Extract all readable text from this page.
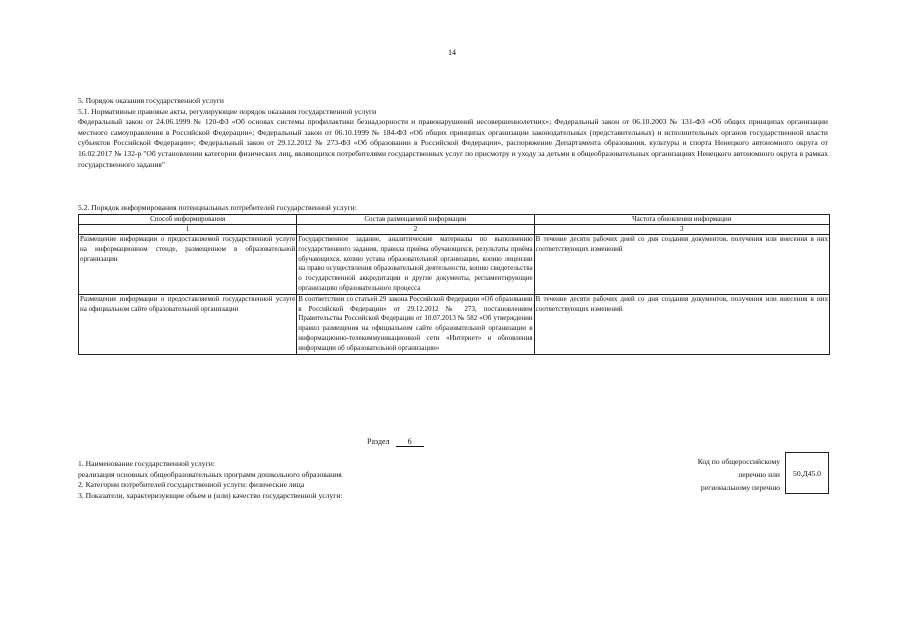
14

5. Порядок оказания государственной услуги

5.1. Нормативные правовые акты, регулирующие порядок оказания государственной услуги

Федеральный закон от 24.06.1999 № 120-ФЗ «Об основах системы профилактики безнадзорности и правонарушений несовершеннолетних»; Федеральный закон от 06.10.2003 № 131-ФЗ «Об общих принципах организации местного самоуправления в Российской Федерации»; Федеральный закон от 06.10.1999 № 184-ФЗ «Об общих принципах организации законодательных (представительных) и исполнительных органов государственной власти субъектов Российской Федерации»; Федеральный закон от 29.12.2012 № 273-ФЗ «Об образовании в Российской Федерации», распоряжение Департамента образования, культуры и спорта Ненецкого автономного округа от 16.02.2017 № 132-р "Об установлении категории физических лиц, являющихся потребителями государственных услуг по присмотру и уходу за детьми в общеобразовательных организациях Ненецкого автономного округа в рамках государственного задания"

5.2. Порядок информирования потенциальных потребителей государственной услуги:
Способ информирования	Состав размещаемой информации	Частота обновления информации
1	2	3
Размещение информации о предоставляемой государственной услуге на информационном стенде, размещенном в образовательной организации	Государственное задание, аналитические материалы по выполнению государственного задания, правила приёма обучающихся, результаты приёма обучающихся, копию устава образовательной организации, копию лицензии на право осуществления образовательной деятельности, копию свидетельства о государственной аккредитации и другие документы, регламентирующие организацию образовательного процесса	В течение десяти рабочих дней со дня создания документов, получения или внесения в них соответствующих изменений
Размещение информации о предоставляемой государственной услуге на официальном сайте образовательной организации	В соответствии со статьей 29 закона Российской Федерации «Об образовании в Российской Федерации» от 29.12.2012 № 273, постановлением Правительства Российской Федерации от 10.07.2013 № 582 «Об утверждении правил размещения на официальном сайте образовательной организации в информационно-телекоммуникационной сети «Интернет» и обновления информации об образовательной организации»	В течение десяти рабочих дней со дня создания документов, получения или внесения в них соответствующих изменений
Раздел 6

1. Наименование государственной услуги:

реализация основных общеобразовательных программ дошкольного образования

2. Категории потребителей государственной услуги: физические лица

3. Показатели, характеризующие объем и (или) качество государственной услуги:

Код по общероссийскому
перечню или
региональному перечню
50.Д45.0
